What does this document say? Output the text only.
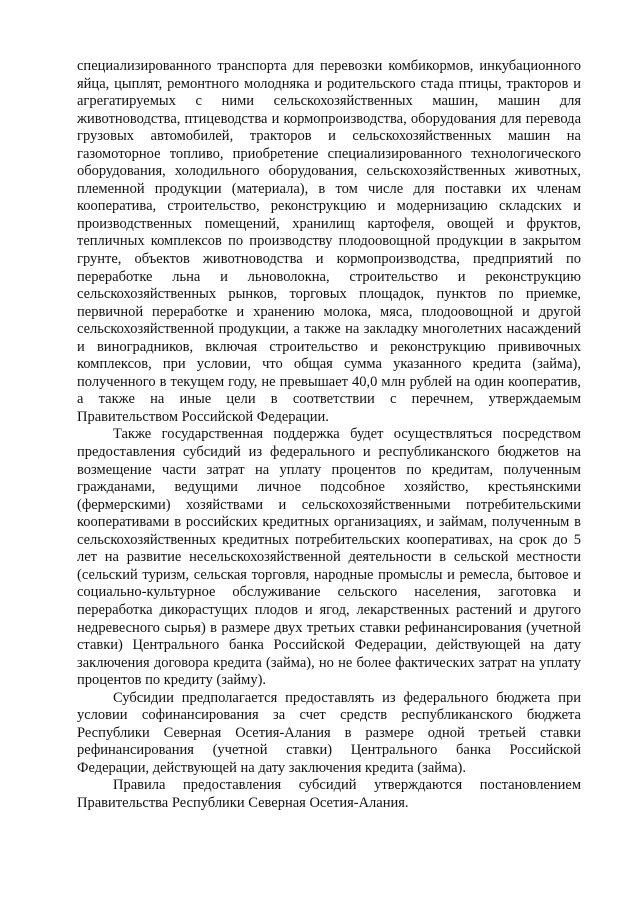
специализированного транспорта для перевозки комбикормов, инкубационного яйца, цыплят, ремонтного молодняка и родительского стада птицы, тракторов и агрегатируемых с ними сельскохозяйственных машин, машин для животноводства, птицеводства и кормопроизводства, оборудования для перевода грузовых автомобилей, тракторов и сельскохозяйственных машин на газомоторное топливо, приобретение специализированного технологического оборудования, холодильного оборудования, сельскохозяйственных животных, племенной продукции (материала), в том числе для поставки их членам кооператива, строительство, реконструкцию и модернизацию складских и производственных помещений, хранилищ картофеля, овощей и фруктов, тепличных комплексов по производству плодоовощной продукции в закрытом грунте, объектов животноводства и кормопроизводства, предприятий по переработке льна и льноволокна, строительство и реконструкцию сельскохозяйственных рынков, торговых площадок, пунктов по приемке, первичной переработке и хранению молока, мяса, плодоовощной и другой сельскохозяйственной продукции, а также на закладку многолетних насаждений и виноградников, включая строительство и реконструкцию прививочных комплексов, при условии, что общая сумма указанного кредита (займа), полученного в текущем году, не превышает 40,0 млн рублей на один кооператив, а также на иные цели в соответствии с перечнем, утверждаемым Правительством Российской Федерации.

Также государственная поддержка будет осуществляться посредством предоставления субсидий из федерального и республиканского бюджетов на возмещение части затрат на уплату процентов по кредитам, полученным гражданами, ведущими личное подсобное хозяйство, крестьянскими (фермерскими) хозяйствами и сельскохозяйственными потребительскими кооперативами в российских кредитных организациях, и займам, полученным в сельскохозяйственных кредитных потребительских кооперативах, на срок до 5 лет на развитие несельскохозяйственной деятельности в сельской местности (сельский туризм, сельская торговля, народные промыслы и ремесла, бытовое и социально-культурное обслуживание сельского населения, заготовка и переработка дикорастущих плодов и ягод, лекарственных растений и другого недревесного сырья) в размере двух третьих ставки рефинансирования (учетной ставки) Центрального банка Российской Федерации, действующей на дату заключения договора кредита (займа), но не более фактических затрат на уплату процентов по кредиту (займу).

Субсидии предполагается предоставлять из федерального бюджета при условии софинансирования за счет средств республиканского бюджета Республики Северная Осетия-Алания в размере одной третьей ставки рефинансирования (учетной ставки) Центрального банка Российской Федерации, действующей на дату заключения кредита (займа).

Правила предоставления субсидий утверждаются постановлением Правительства Республики Северная Осетия-Алания.
